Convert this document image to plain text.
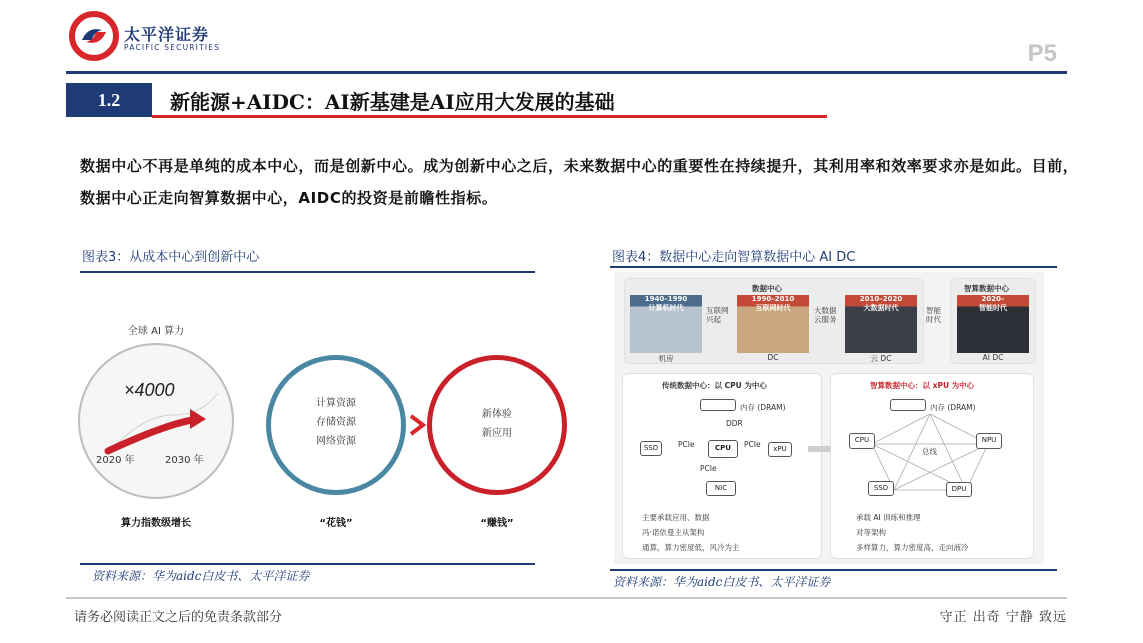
太平洋证券
PACIFIC SECURITIES	P5
1.2	新能源+AIDC：AI新基建是AI应用大发展的基础
数据中心不再是单纯的成本中心，而是创新中心。成为创新中心之后，未来数据中心的重要性在持续提升，其利用率和效率要求亦是如此。目前，数据中心正走向智算数据中心，AIDC的投资是前瞻性指标。
图表3：从成本中心到创新中心
全球 AI 算力
×4000
2020 年	2030 年
算力指数级增长
计算资源
存储资源
网络资源
新体验
新应用
“花钱”	“赚钱”
资料来源：华为aidc白皮书、太平洋证券
图表4：数据中心走向智算数据中心 AI DC
数据中心	智算数据中心
1940–1990
计算机时代
机房
互联网兴起
1990–2010
互联网时代
DC
大数据云服务
2010–2020
大数据时代
云 DC
智能时代
2020–
智能时代
AI DC
传统数据中心：以 CPU 为中心
内存 (DRAM)
DDR
SSD	PCIe	CPU	PCIe	xPU
PCIe
NIC
主要承载应用、数据
冯·诺依曼主从架构
通算，算力密度低，风冷为主
智算数据中心：以 xPU 为中心
内存 (DRAM)
CPU
总线
NPU
SSD	DPU
承载 AI 训练和推理
对等架构
多样算力，算力密度高，走向液冷
资料来源：华为aidc白皮书、太平洋证券
请务必阅读正文之后的免责条款部分	守正 出奇 宁静 致远
